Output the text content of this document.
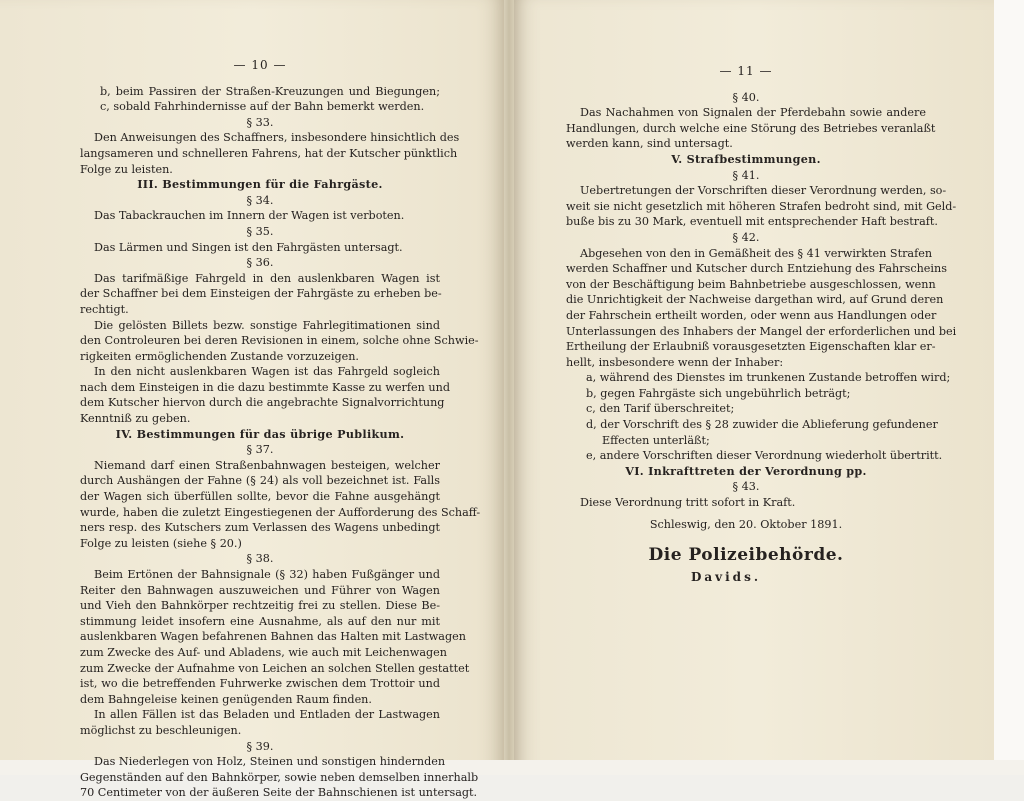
— 10 —
b, beim Passiren der Straßen-Kreuzungen und Biegungen;
c, sobald Fahrhindernisse auf der Bahn bemerkt werden.
§ 33.
Den Anweisungen des Schaffners, insbesondere hinsichtlich des
langsameren und schnelleren Fahrens, hat der Kutscher pünktlich
Folge zu leisten.
III. Bestimmungen für die Fahrgäste.
§ 34.
Das Tabackrauchen im Innern der Wagen ist verboten.
§ 35.
Das Lärmen und Singen ist den Fahrgästen untersagt.
§ 36.
Das tarifmäßige Fahrgeld in den auslenkbaren Wagen ist
der Schaffner bei dem Einsteigen der Fahrgäste zu erheben be-
rechtigt.
Die gelösten Billets bezw. sonstige Fahrlegitimationen sind
den Controleuren bei deren Revisionen in einem, solche ohne Schwie-
rigkeiten ermöglichenden Zustande vorzuzeigen.
In den nicht auslenkbaren Wagen ist das Fahrgeld sogleich
nach dem Einsteigen in die dazu bestimmte Kasse zu werfen und
dem Kutscher hiervon durch die angebrachte Signalvorrichtung
Kenntniß zu geben.
IV. Bestimmungen für das übrige Publikum.
§ 37.
Niemand darf einen Straßenbahnwagen besteigen, welcher
durch Aushängen der Fahne (§ 24) als voll bezeichnet ist. Falls
der Wagen sich überfüllen sollte, bevor die Fahne ausgehängt
wurde, haben die zuletzt Eingestiegenen der Aufforderung des Schaff-
ners resp. des Kutschers zum Verlassen des Wagens unbedingt
Folge zu leisten (siehe § 20.)
§ 38.
Beim Ertönen der Bahnsignale (§ 32) haben Fußgänger und
Reiter den Bahnwagen auszuweichen und Führer von Wagen
und Vieh den Bahnkörper rechtzeitig frei zu stellen. Diese Be-
stimmung leidet insofern eine Ausnahme, als auf den nur mit
auslenkbaren Wagen befahrenen Bahnen das Halten mit Lastwagen
zum Zwecke des Auf- und Abladens, wie auch mit Leichenwagen
zum Zwecke der Aufnahme von Leichen an solchen Stellen gestattet
ist, wo die betreffenden Fuhrwerke zwischen dem Trottoir und
dem Bahngeleise keinen genügenden Raum finden.
In allen Fällen ist das Beladen und Entladen der Lastwagen
möglichst zu beschleunigen.
§ 39.
Das Niederlegen von Holz, Steinen und sonstigen hindernden
Gegenständen auf den Bahnkörper, sowie neben demselben innerhalb
70 Centimeter von der äußeren Seite der Bahnschienen ist untersagt.
— 11 —
§ 40.
Das Nachahmen von Signalen der Pferdebahn sowie andere
Handlungen, durch welche eine Störung des Betriebes veranlaßt
werden kann, sind untersagt.
V. Strafbestimmungen.
§ 41.
Uebertretungen der Vorschriften dieser Verordnung werden, so-
weit sie nicht gesetzlich mit höheren Strafen bedroht sind, mit Geld-
buße bis zu 30 Mark, eventuell mit entsprechender Haft bestraft.
§ 42.
Abgesehen von den in Gemäßheit des § 41 verwirkten Strafen
werden Schaffner und Kutscher durch Entziehung des Fahrscheins
von der Beschäftigung beim Bahnbetriebe ausgeschlossen, wenn
die Unrichtigkeit der Nachweise dargethan wird, auf Grund deren
der Fahrschein ertheilt worden, oder wenn aus Handlungen oder
Unterlassungen des Inhabers der Mangel der erforderlichen und bei
Ertheilung der Erlaubniß vorausgesetzten Eigenschaften klar er-
hellt, insbesondere wenn der Inhaber:
a, während des Dienstes im trunkenen Zustande betroffen wird;
b, gegen Fahrgäste sich ungebührlich beträgt;
c, den Tarif überschreitet;
d, der Vorschrift des § 28 zuwider die Ablieferung gefundener
Effecten unterläßt;
e, andere Vorschriften dieser Verordnung wiederholt übertritt.
VI. Inkrafttreten der Verordnung pp.
§ 43.
Diese Verordnung tritt sofort in Kraft.
Schleswig, den 20. Oktober 1891.
Die Polizeibehörde.
Davids.
